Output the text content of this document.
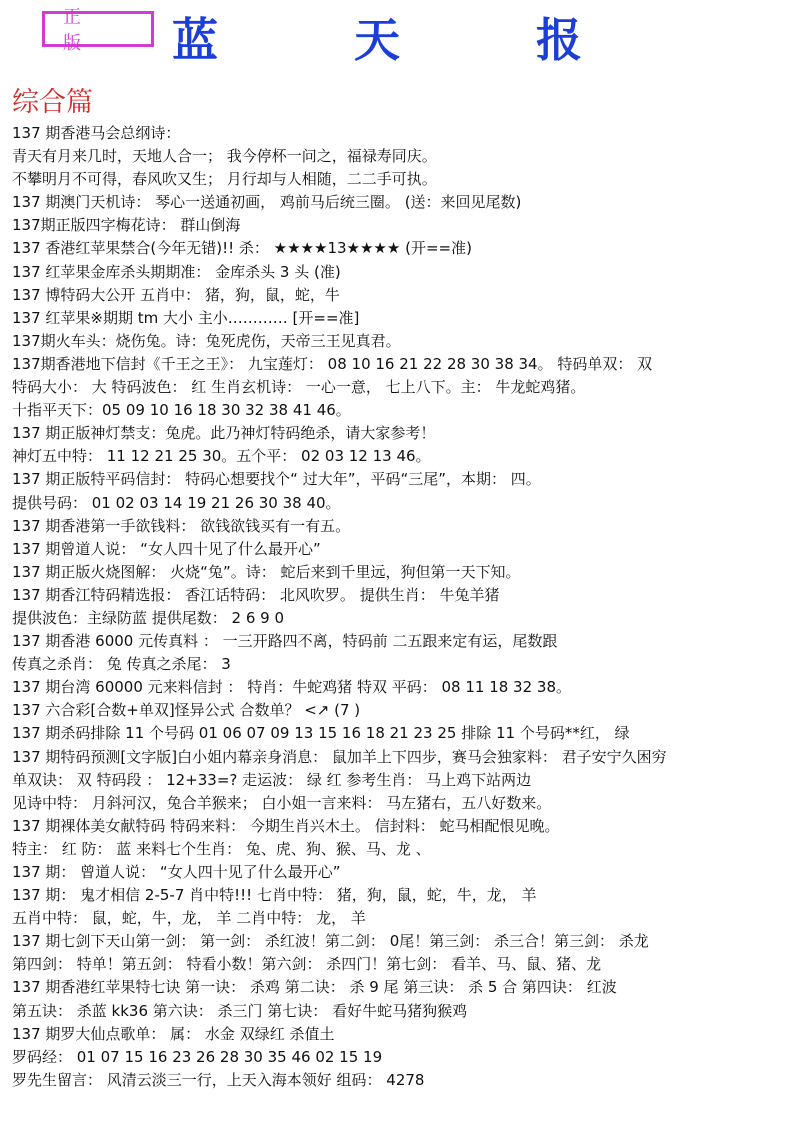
正 版	蓝 天 报
综合篇
137 期香港马会总纲诗：
青天有月来几时，天地人合一； 我今停杯一问之，福禄寿同庆。
不攀明月不可得，春风吹又生； 月行却与人相随，二二手可执。
137 期澳门天机诗： 琴心一送通初画， 鸡前马后统三圈。 (送：来回见尾数)
137期正版四字梅花诗： 群山倒海
137 香港红苹果禁合(今年无错)!! 杀： ★★★★13★★★★ (开==准)
137 红苹果金库杀头期期准： 金库杀头 3 头 (准)
137 博特码大公开 五肖中： 猪，狗，鼠，蛇，牛
137 红苹果※期期 tm 大小 主小………… [开==准]
137期火车头：烧伤兔。诗：兔死虎伤，天帝三王见真君。
137期香港地下信封《千王之王》： 九宝莲灯： 08 10 16 21 22 28 30 38 34。 特码单双： 双
特码大小： 大 特码波色： 红 生肖玄机诗： 一心一意， 七上八下。主： 牛龙蛇鸡猪。
十指平天下：05 09 10 16 18 30 32 38 41 46。
137 期正版神灯禁支：兔虎。此乃神灯特码绝杀，请大家参考！
神灯五中特： 11 12 21 25 30。五个平： 02 03 12 13 46。
137 期正版特平码信封： 特码心想要找个“ 过大年”，平码“三尾”，本期： 四。
提供号码： 01 02 03 14 19 21 26 30 38 40。
137 期香港第一手欲钱料： 欲钱欲钱买有一有五。
137 期曾道人说： “女人四十见了什么最开心”
137 期正版火烧图解： 火烧“兔”。诗： 蛇后来到千里远，狗但第一天下知。
137 期香江特码精选报： 香江话特码： 北风吹罗。 提供生肖： 牛兔羊猪
提供波色：主绿防蓝 提供尾数： 2 6 9 0
137 期香港 6000 元传真料 ： 一三开路四不离，特码前 二五跟来定有运，尾数跟
传真之杀肖： 兔 传真之杀尾： 3
137 期台湾 60000 元来料信封 ： 特肖：牛蛇鸡猪 特双 平码： 08 11 18 32 38。
137 六合彩[合数+单双]怪异公式 合数单？ <↗ (7 )
137 期杀码排除 11 个号码 01 06 07 09 13 15 16 18 21 23 25 排除 11 个号码**红， 绿
137 期特码预测[文字版]白小姐内幕亲身消息： 鼠加羊上下四步，赛马会独家料： 君子安宁久困穷
单双诀： 双 特码段 ： 12+33=? 走运波： 绿 红 参考生肖： 马上鸡下站两边
见诗中特： 月斜河汉，兔合羊猴来； 白小姐一言来料： 马左猪右，五八好数来。
137 期裸体美女献特码 特码来料： 今期生肖兴木土。 信封料： 蛇马相配恨见晚。
特主： 红 防： 蓝 来料七个生肖： 兔、虎、狗、猴、马、龙 、
137 期： 曾道人说： “女人四十见了什么最开心”
137 期： 鬼才相信 2-5-7 肖中特!!! 七肖中特： 猪，狗，鼠，蛇，牛，龙， 羊
五肖中特： 鼠，蛇，牛，龙， 羊 二肖中特： 龙， 羊
137 期七剑下天山第一剑： 第一剑： 杀红波！第二剑： 0尾！第三剑： 杀三合！第三剑： 杀龙
第四剑： 特单！第五剑： 特看小数！第六剑： 杀四门！第七剑： 看羊、马、鼠、猪、龙
137 期香港红苹果特七诀 第一诀： 杀鸡 第二诀： 杀 9 尾 第三诀： 杀 5 合 第四诀： 红波
第五诀： 杀蓝 kk36 第六诀： 杀三门 第七诀： 看好牛蛇马猪狗猴鸡
137 期罗大仙点歌单： 属： 水金 双绿红 杀值土
罗码经： 01 07 15 16 23 26 28 30 35 46 02 15 19
罗先生留言： 风清云淡三一行，上天入海本领好 组码： 4278
